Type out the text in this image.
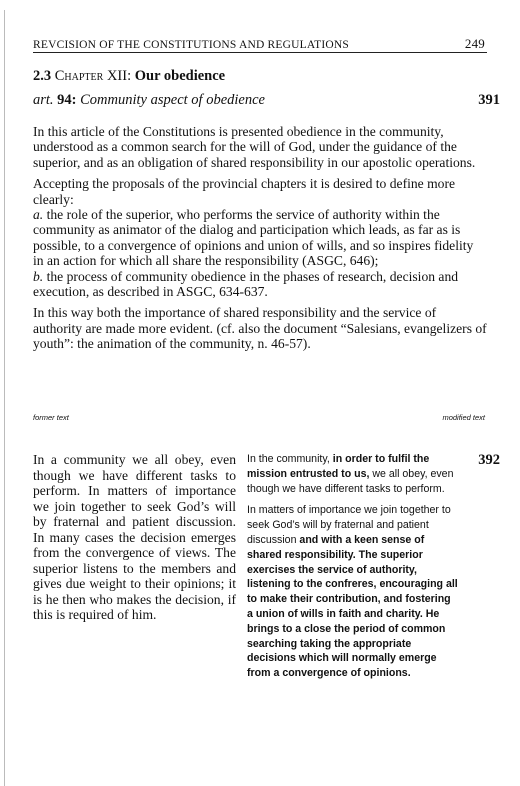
REVCISION OF THE CONSTITUTIONS AND REGULATIONS	249
2.3 Chapter XII: Our obedience
art. 94: Community aspect of obedience	391

In this article of the Constitutions is presented obedience in the community, understood as a common search for the will of God, under the guidance of the superior, and as an obligation of shared responsibility in our apostolic operations.

Accepting the proposals of the provincial chapters it is desired to define more clearly:

a. the role of the superior, who performs the service of authority within the community as animator of the dialog and participation which leads, as far as is possible, to a convergence of opinions and union of wills, and so inspires fidelity in an action for which all share the responsibility (ASGC, 646);

b. the process of community obedience in the phases of research, decision and execution, as described in ASGC, 634-637.

In this way both the importance of shared responsibility and the service of authority are made more evident. (cf. also the document “Salesians, evangelizers of youth”: the animation of the community, n. 46-57).

former text	modified text
392
In a community we all obey, even though we have different tasks to perform. In matters of importance we join together to seek God’s will by fraternal and patient discussion. In many cases the decision emerges from the convergence of views. The superior listens to the members and gives due weight to their opinions; it is he then who makes the decision, if this is required of him.

In the community, in order to fulfil the mission entrusted to us, we all obey, even though we have different tasks to perform.

In matters of importance we join together to seek God’s will by fraternal and patient discussion and with a keen sense of shared responsibility. The superior exercises the service of authority, listening to the confreres, encouraging all to make their contribution, and fostering a union of wills in faith and charity. He brings to a close the period of common searching taking the appropriate decisions which will normally emerge from a convergence of opinions.
